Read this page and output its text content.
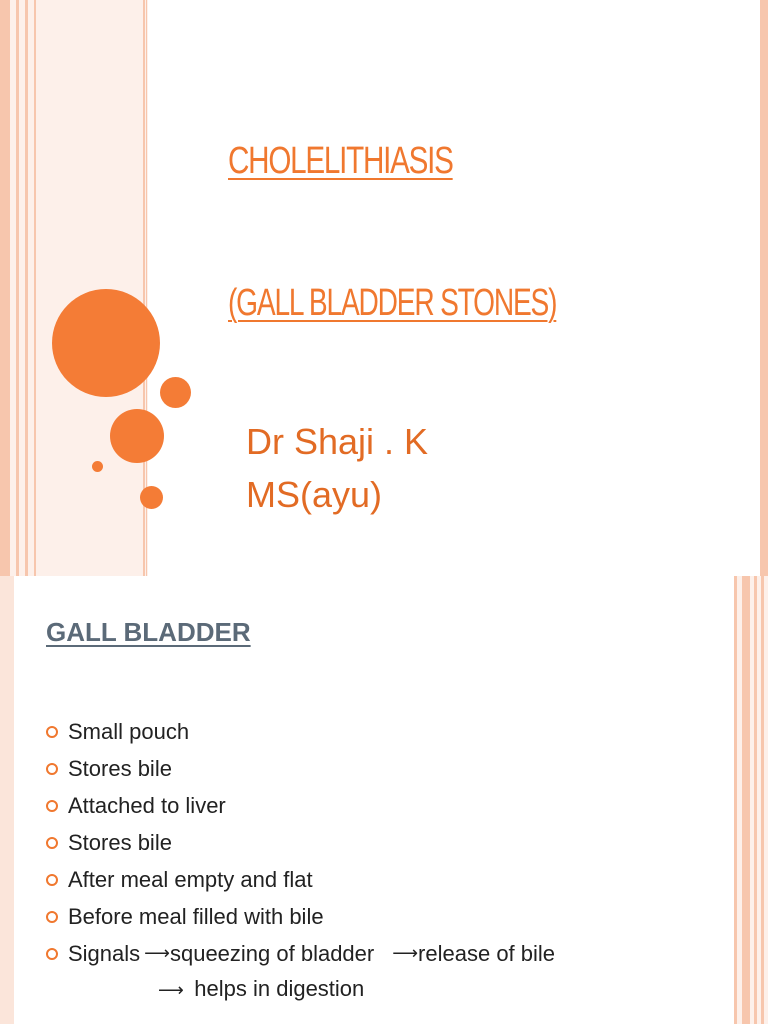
CHOLELITHIASIS
(GALL BLADDER STONES)
Dr Shaji . K
MS(ayu)
GALL BLADDER
Small pouch
Stores bile
Attached to liver
Stores bile
After meal empty and flat
Before meal filled with bile
Signals ⟶ squeezing of bladder ⟶ release of bile
⟶ helps in digestion
